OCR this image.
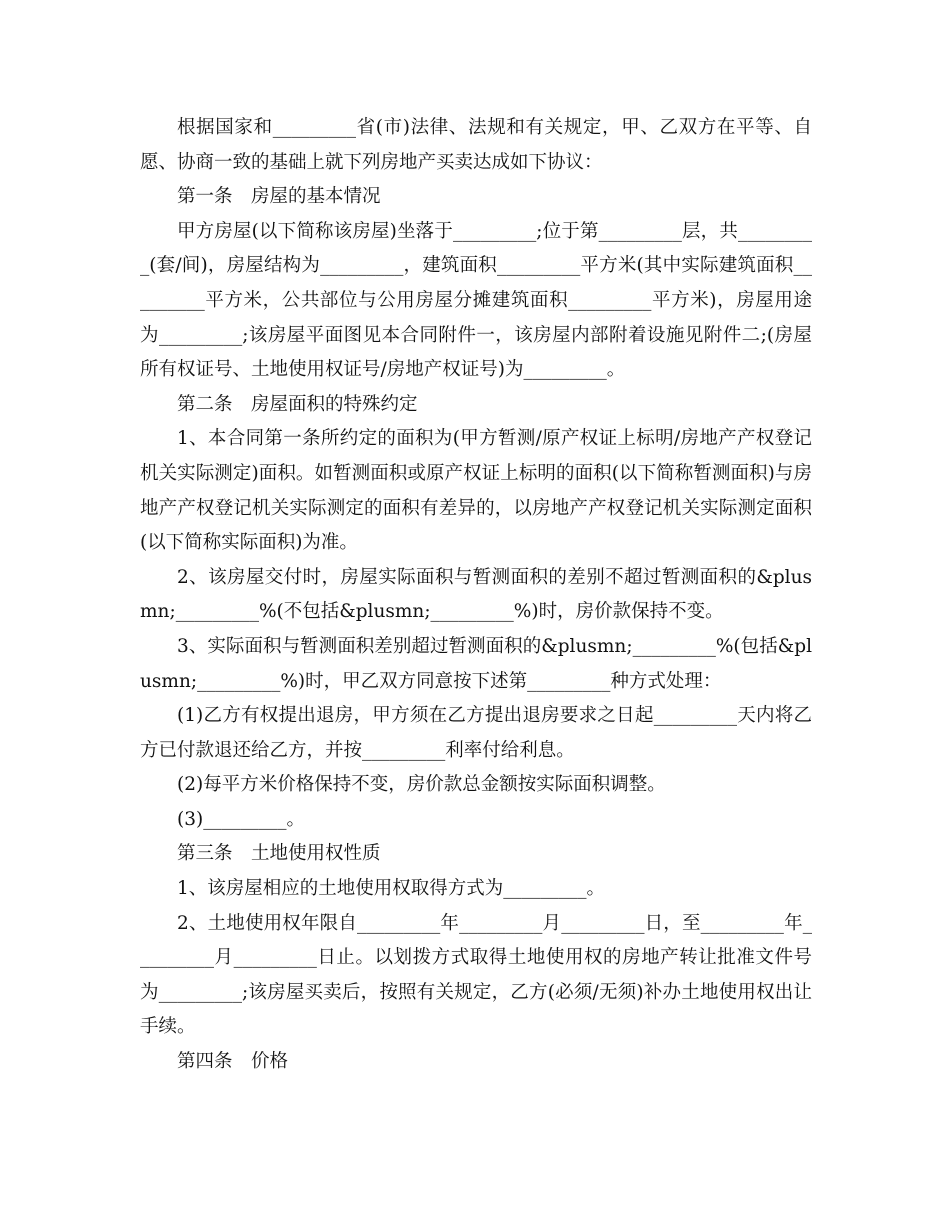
根据国家和_________省(市)法律、法规和有关规定，甲、乙双方在平等、自愿、协商一致的基础上就下列房地产买卖达成如下协议：

第一条　房屋的基本情况

甲方房屋(以下简称该房屋)坐落于_________;位于第_________层，共_________(套/间)，房屋结构为_________，建筑面积_________平方米(其中实际建筑面积_________平方米，公共部位与公用房屋分摊建筑面积_________平方米)，房屋用途为_________;该房屋平面图见本合同附件一，该房屋内部附着设施见附件二;(房屋所有权证号、土地使用权证号/房地产权证号)为_________。

第二条　房屋面积的特殊约定

1、本合同第一条所约定的面积为(甲方暂测/原产权证上标明/房地产产权登记机关实际测定)面积。如暂测面积或原产权证上标明的面积(以下简称暂测面积)与房地产产权登记机关实际测定的面积有差异的，以房地产产权登记机关实际测定面积(以下简称实际面积)为准。

2、该房屋交付时，房屋实际面积与暂测面积的差别不超过暂测面积的&plusmn;_________%(不包括&plusmn;_________%)时，房价款保持不变。

3、实际面积与暂测面积差别超过暂测面积的&plusmn;_________%(包括&plusmn;_________%)时，甲乙双方同意按下述第_________种方式处理：

(1)乙方有权提出退房，甲方须在乙方提出退房要求之日起_________天内将乙方已付款退还给乙方，并按_________利率付给利息。

(2)每平方米价格保持不变，房价款总金额按实际面积调整。

(3)_________。

第三条　土地使用权性质

1、该房屋相应的土地使用权取得方式为_________。

2、土地使用权年限自_________年_________月_________日，至_________年_________月_________日止。以划拨方式取得土地使用权的房地产转让批准文件号为_________;该房屋买卖后，按照有关规定，乙方(必须/无须)补办土地使用权出让手续。

第四条　价格
